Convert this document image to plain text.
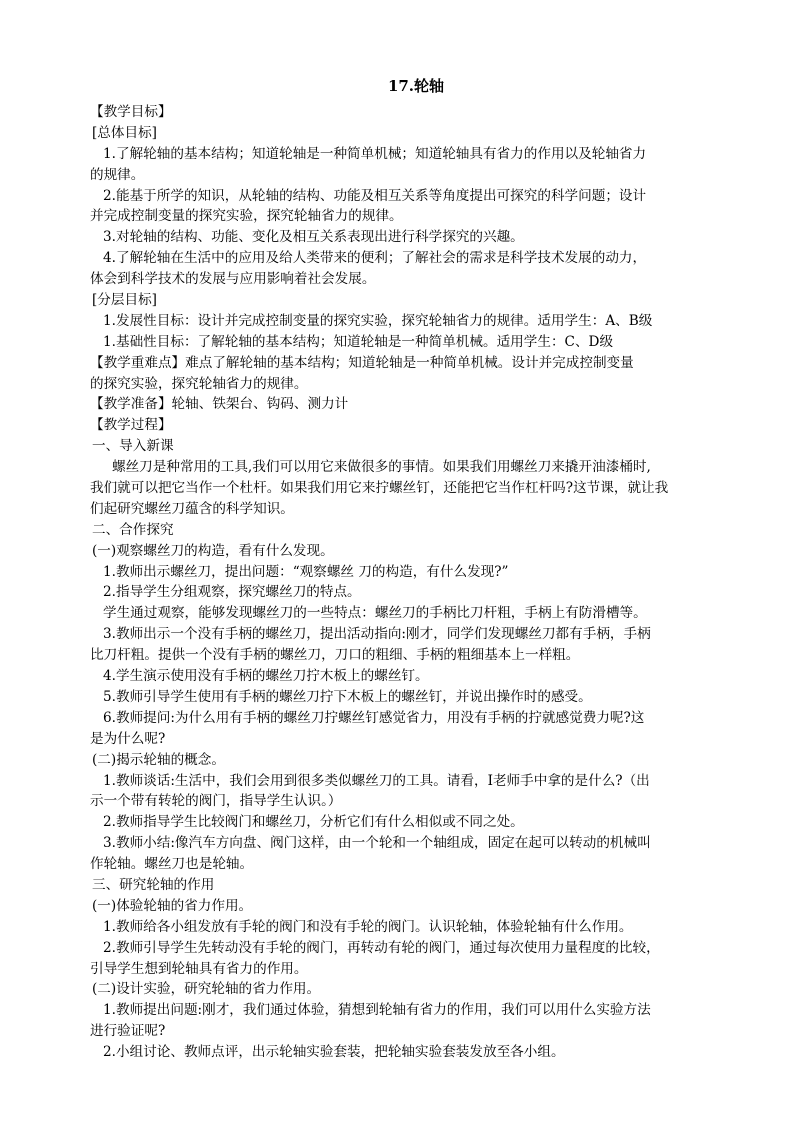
17.轮轴
【教学目标】
[总体目标]
1.了解轮轴的基本结构；知道轮轴是一种简单机械；知道轮轴具有省力的作用以及轮轴省力
的规律。
2.能基于所学的知识，从轮轴的结构、功能及相互关系等角度提出可探究的科学问题；设计
并完成控制变量的探究实验，探究轮轴省力的规律。
3.对轮轴的结构、功能、变化及相互关系表现出进行科学探究的兴趣。
4.了解轮轴在生活中的应用及给人类带来的便利；了解社会的需求是科学技术发展的动力，
体会到科学技术的发展与应用影响着社会发展。
[分层目标]
1.发展性目标：设计并完成控制变量的探究实验，探究轮轴省力的规律。适用学生：A、B级
1.基础性目标：了解轮轴的基本结构；知道轮轴是一种简单机械。适用学生：C、D级
【教学重难点】难点了解轮轴的基本结构；知道轮轴是一种简单机械。设计并完成控制变量
的探究实验，探究轮轴省力的规律。
【教学准备】轮轴、铁架台、钩码、测力计
【教学过程】
一、导入新课
螺丝刀是种常用的工具,我们可以用它来做很多的事情。如果我们用螺丝刀来撬开油漆桶时,
我们就可以把它当作一个杜杆。如果我们用它来拧螺丝钉，还能把它当作杠杆吗?这节课，就让我
们起研究螺丝刀蕴含的科学知识。
二、合作探究
(一)观察螺丝刀的构造，看有什么发现。
1.教师出示螺丝刀，提出问题：“观察螺丝 刀的构造，有什么发现?”
2.指导学生分组观察，探究螺丝刀的特点。
学生通过观察，能够发现螺丝刀的一些特点：螺丝刀的手柄比刀杆粗，手柄上有防滑槽等。
3.教师出示一个没有手柄的螺丝刀，提出活动指向:刚才，同学们发现螺丝刀都有手柄，手柄
比刀杆粗。提供一个没有手柄的螺丝刀，刀口的粗细、手柄的粗细基本上一样粗。
4.学生演示使用没有手柄的螺丝刀拧木板上的螺丝钉。
5.教师引导学生使用有手柄的螺丝刀拧下木板上的螺丝钉，并说出操作时的感受。
6.教师提问:为什么用有手柄的螺丝刀拧螺丝钉感觉省力，用没有手柄的拧就感觉费力呢?这
是为什么呢?
(二)揭示轮轴的概念。
1.教师谈话:生活中，我们会用到很多类似螺丝刀的工具。请看，I老师手中拿的是什么?（出
示一个带有转轮的阀门，指导学生认识。）
2.教师指导学生比较阀门和螺丝刀，分析它们有什么相似或不同之处。
3.教师小结:像汽车方向盘、阀门这样，由一个轮和一个轴组成，固定在起可以转动的机械叫
作轮轴。螺丝刀也是轮轴。
三、研究轮轴的作用
(一)体验轮轴的省力作用。
1.教师给各小组发放有手轮的阀门和没有手轮的阀门。认识轮轴，体验轮轴有什么作用。
2.教师引导学生先转动没有手轮的阀门，再转动有轮的阀门，通过每次使用力量程度的比较，
引导学生想到轮轴具有省力的作用。
(二)设计实验，研究轮轴的省力作用。
1.教师提出问题:刚才，我们通过体验，猜想到轮轴有省力的作用，我们可以用什么实验方法
进行验证呢?
2.小组讨论、教师点评，出示轮轴实验套装，把轮轴实验套装发放至各小组。
